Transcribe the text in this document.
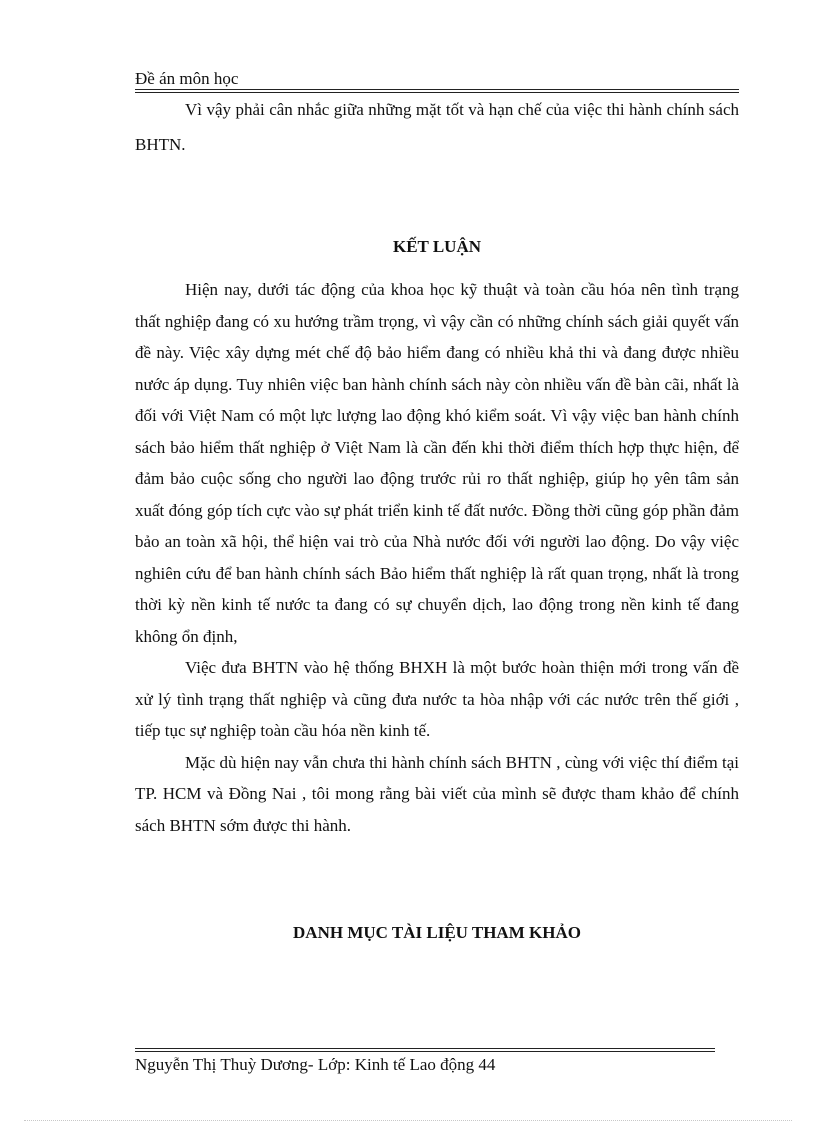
Đề án môn học

Vì vậy phải cân nhắc giữa những mặt tốt và hạn chế của việc thi hành chính sách BHTN.

KẾT LUẬN

Hiện nay, dưới tác động của khoa học kỹ thuật và toàn cầu hóa nên tình trạng thất nghiệp đang có xu hướng trầm trọng, vì vậy cần có những chính sách giải quyết vấn đề này. Việc xây dựng mét chế độ bảo hiểm đang có nhiều khả thi và đang được nhiều nước áp dụng. Tuy nhiên việc ban hành chính sách này còn nhiều vấn đề bàn cãi, nhất là đối với Việt Nam có một lực lượng lao động khó kiểm soát. Vì vậy việc ban hành chính sách bảo hiểm thất nghiệp ở Việt Nam là cần đến khi thời điểm thích hợp thực hiện, để đảm bảo cuộc sống cho người lao động trước rủi ro thất nghiệp, giúp họ yên tâm sản xuất đóng góp tích cực vào sự phát triển kinh tế đất nước. Đồng thời cũng góp phần đảm bảo an toàn xã hội, thể hiện vai trò của Nhà nước đối với người lao động. Do vậy việc nghiên cứu để ban hành chính sách Bảo hiểm thất nghiệp là rất quan trọng, nhất là trong thời kỳ nền kinh tế nước ta đang có sự chuyển dịch, lao động trong nền kinh tế đang không ổn định,

Việc đưa BHTN vào hệ thống BHXH là một bước hoàn thiện mới trong vấn đề xử lý tình trạng thất nghiệp và cũng đưa nước ta hòa nhập với các nước trên thế giới , tiếp tục sự nghiệp toàn cầu hóa nền kinh tế.

Mặc dù hiện nay vẫn chưa thi hành chính sách BHTN , cùng với việc thí điểm tại TP. HCM và Đồng Nai , tôi mong rằng bài viết của mình sẽ được tham khảo để chính sách BHTN sớm được thi hành.

DANH MỤC TÀI LIỆU THAM KHẢO
Nguyễn Thị Thuỳ Dương- Lớp: Kinh tế Lao động 44
